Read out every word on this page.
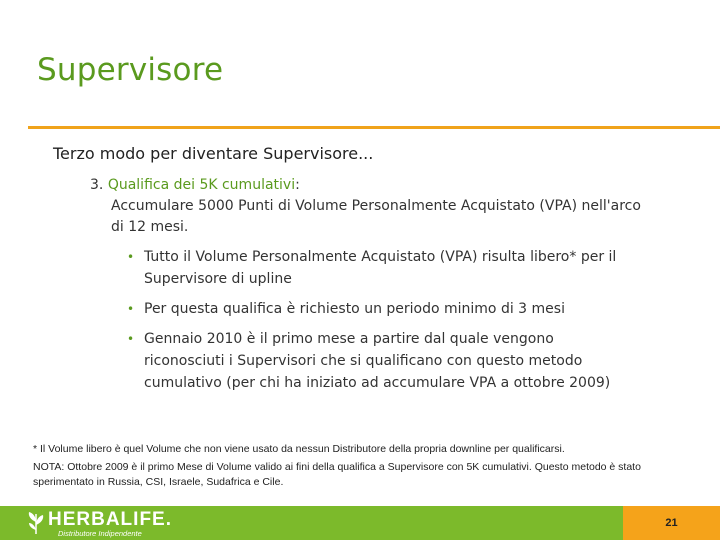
Supervisore
Terzo modo per diventare Supervisore...
3. Qualifica dei 5K cumulativi:
Accumulare 5000 Punti di Volume Personalmente Acquistato (VPA) nell'arco di 12 mesi.
• Tutto il Volume Personalmente Acquistato (VPA) risulta libero* per il Supervisore di upline
• Per questa qualifica è richiesto un periodo minimo di 3 mesi
• Gennaio 2010 è il primo mese a partire dal quale vengono riconosciuti i Supervisori che si qualificano con questo metodo cumulativo (per chi ha iniziato ad accumulare VPA a ottobre 2009)
* Il Volume libero è quel Volume che non viene usato da nessun Distributore della propria downline per qualificarsi.
NOTA: Ottobre 2009 è il primo Mese di Volume valido ai fini della qualifica a Supervisore con 5K cumulativi. Questo metodo è stato sperimentato in Russia, CSI, Israele, Sudafrica e Cile.
HERBALIFE.
Distributore Indipendente
21
